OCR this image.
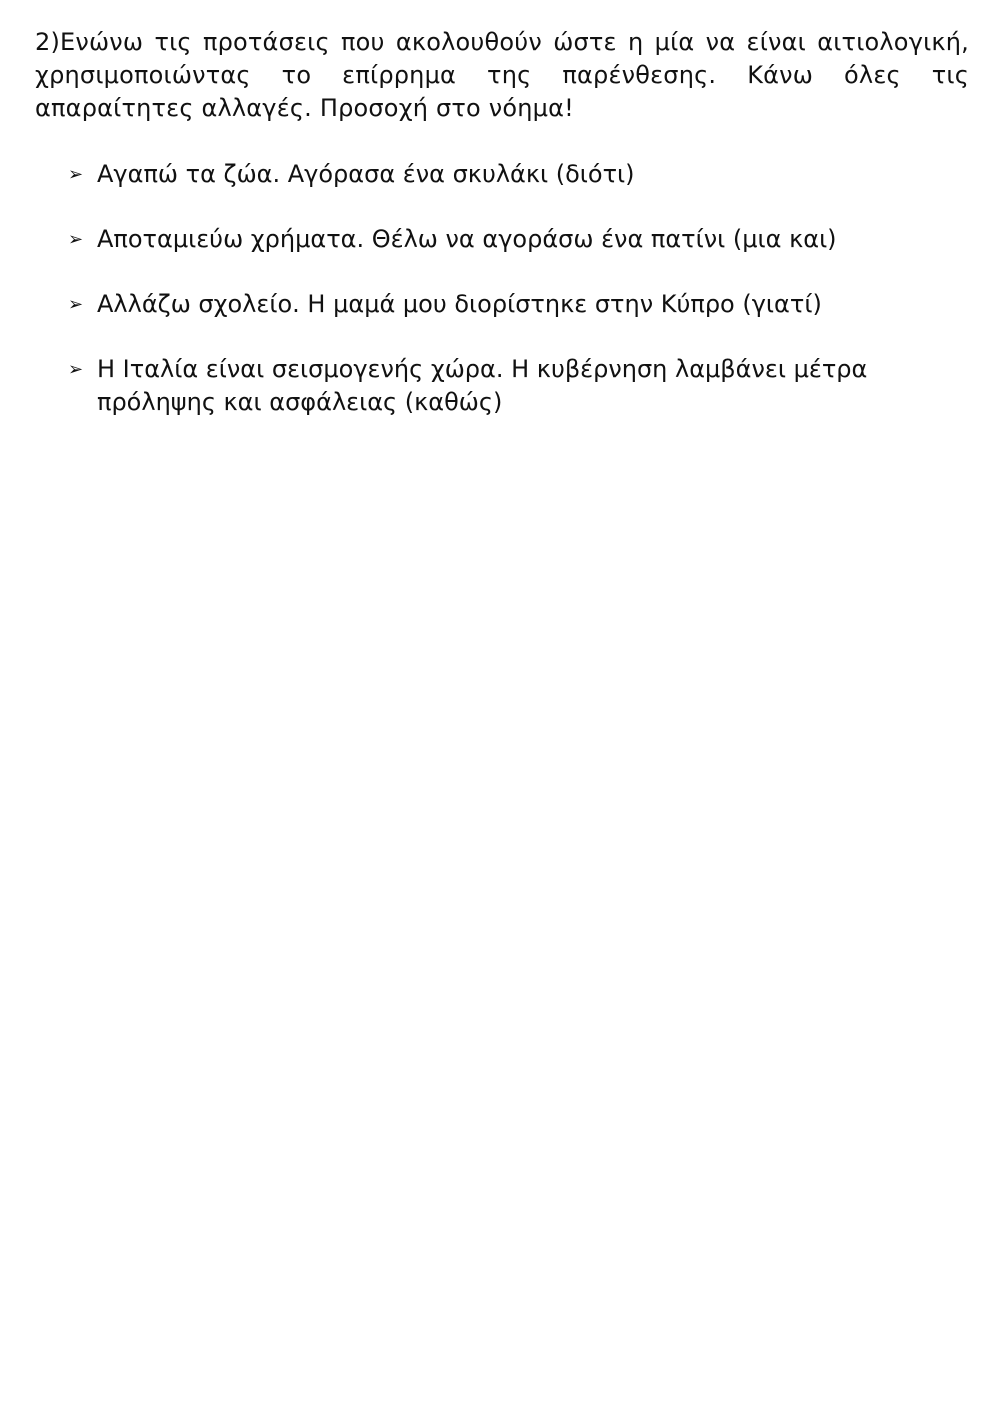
2)Ενώνω τις προτάσεις που ακολουθούν ώστε η μία να είναι αιτιολογική, χρησιμοποιώντας το επίρρημα της παρένθεσης. Κάνω όλες τις απαραίτητες αλλαγές. Προσοχή στο νόημα!
➢ Αγαπώ τα ζώα. Αγόρασα ένα σκυλάκι (διότι)
➢ Αποταμιεύω χρήματα. Θέλω να αγοράσω ένα πατίνι (μια και)
➢ Αλλάζω σχολείο. Η μαμά μου διορίστηκε στην Κύπρο (γιατί)
➢ Η Ιταλία είναι σεισμογενής χώρα. Η κυβέρνηση λαμβάνει μέτρα πρόληψης και ασφάλειας (καθώς)
